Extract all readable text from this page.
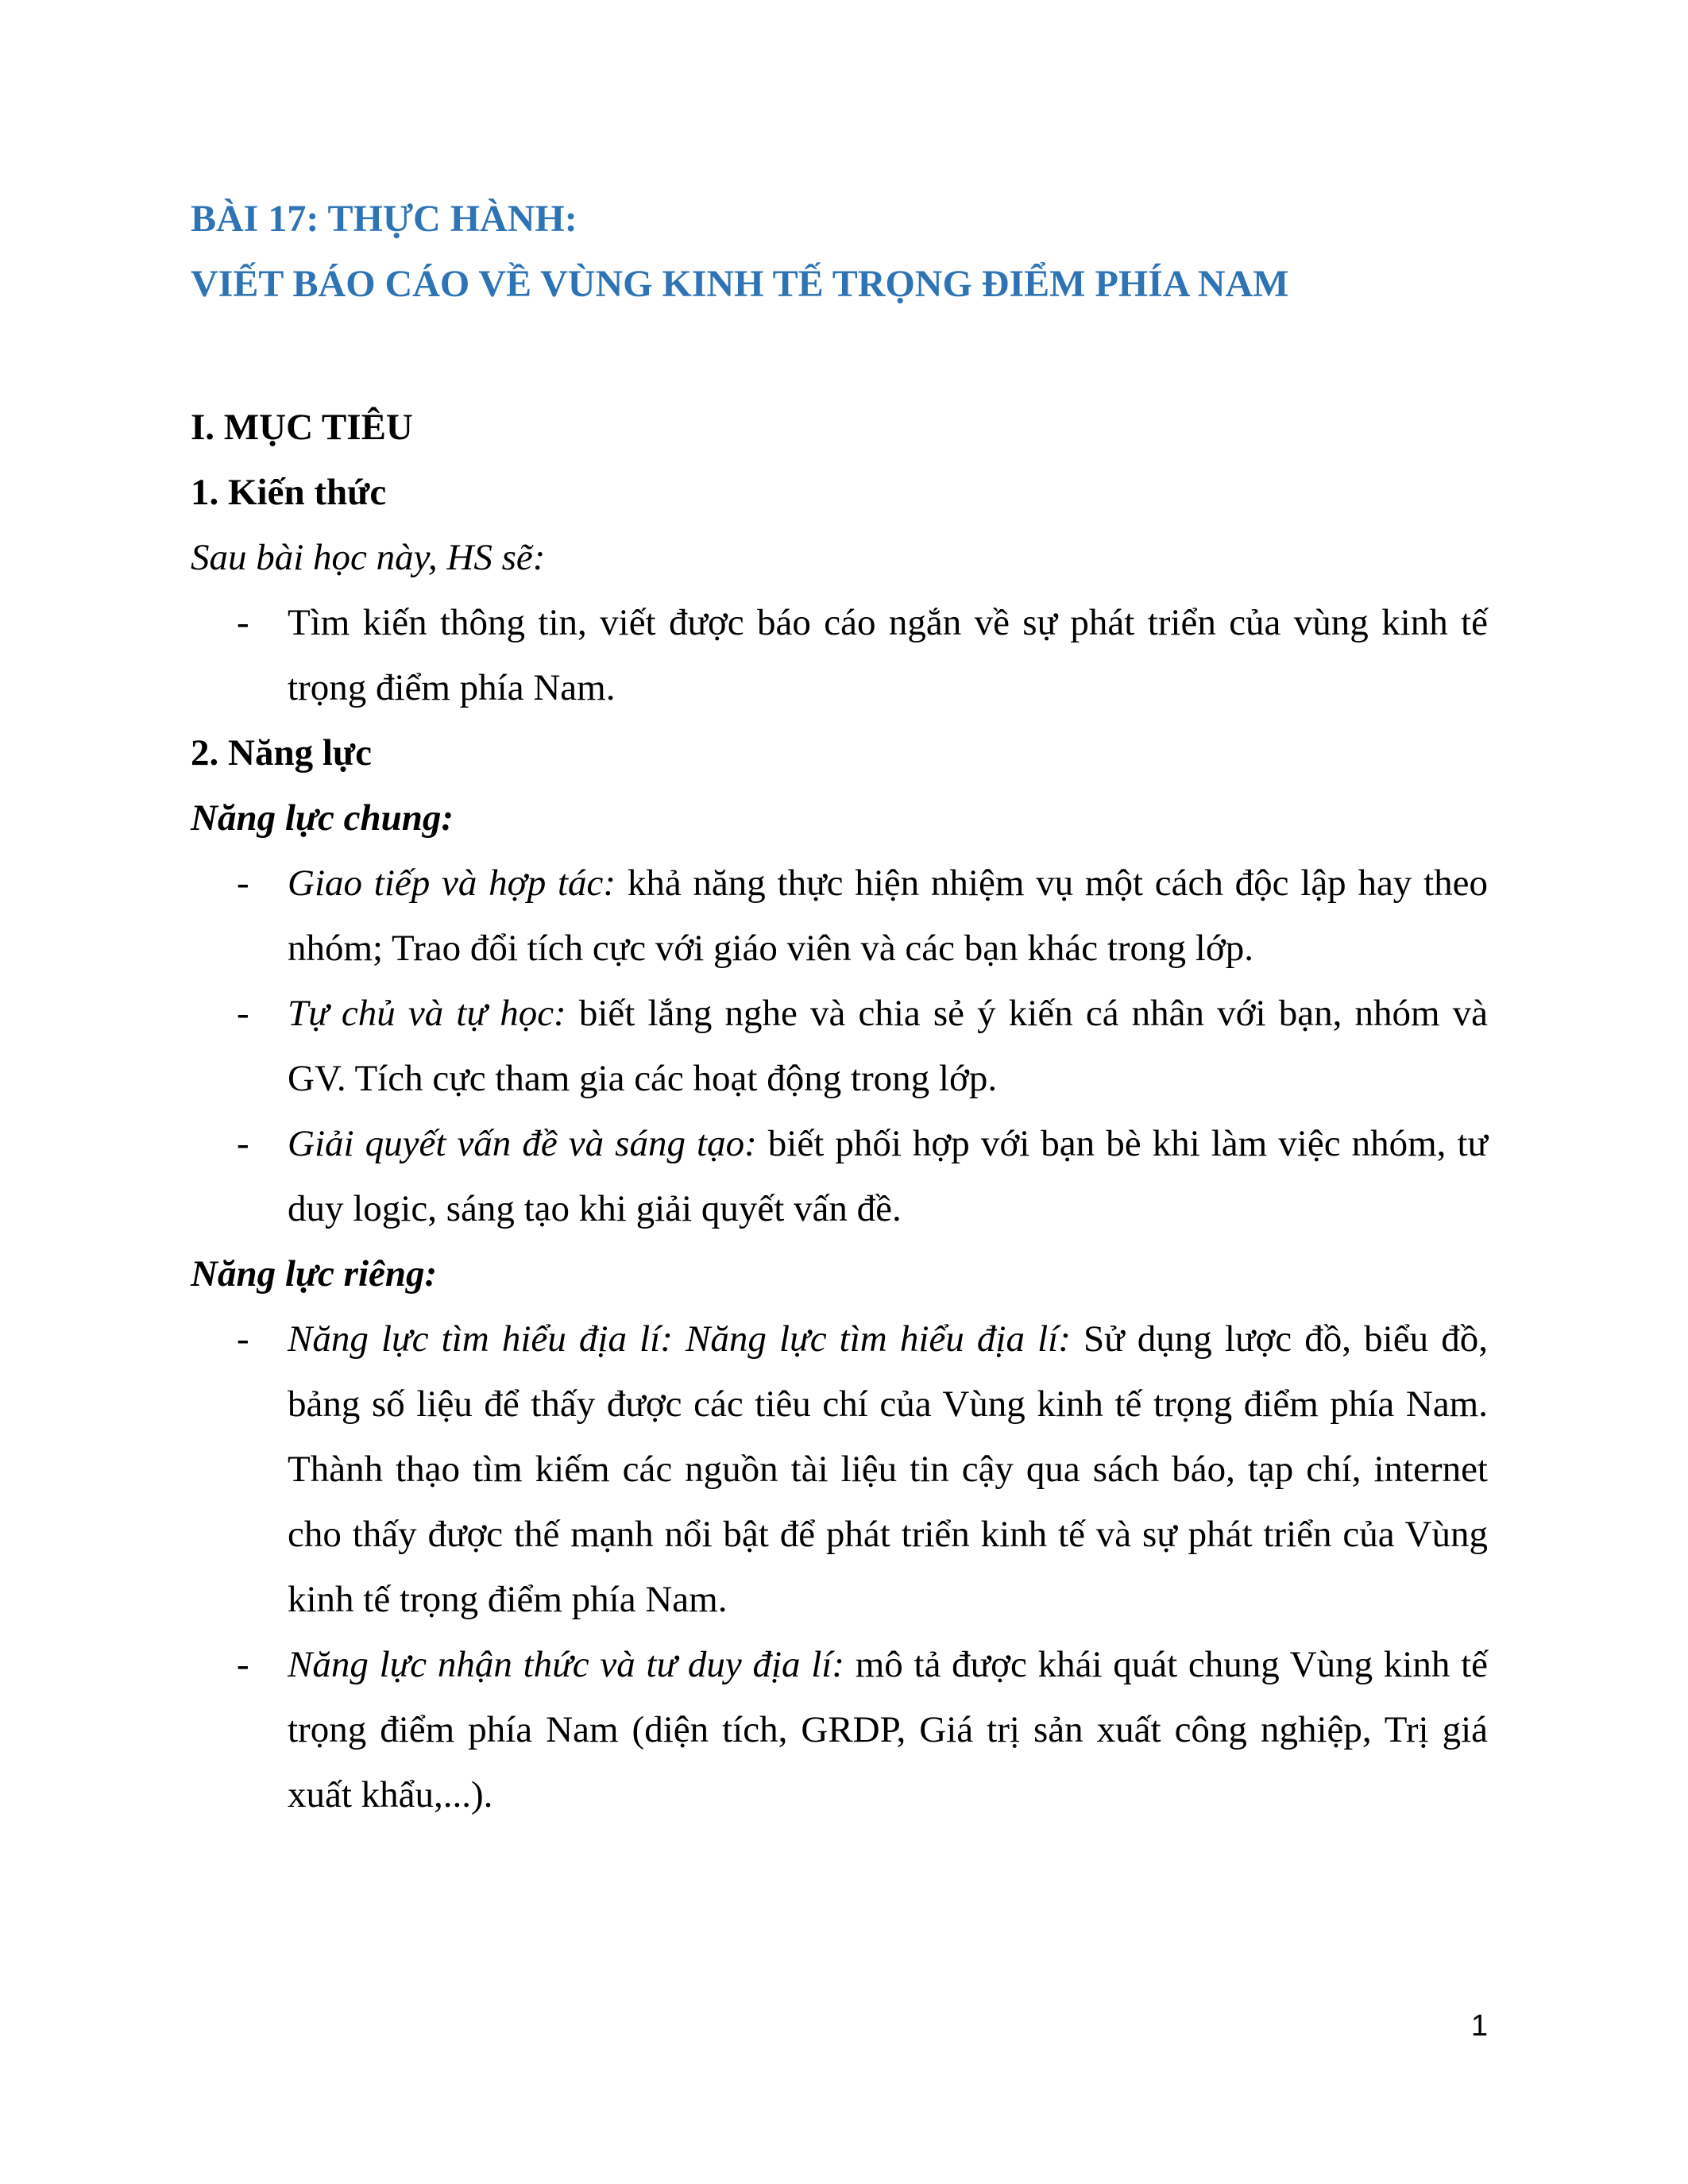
BÀI 17: THỰC HÀNH:
VIẾT BÁO CÁO VỀ VÙNG KINH TẾ TRỌNG ĐIỂM PHÍA NAM
I. MỤC TIÊU
1. Kiến thức
Sau bài học này, HS sẽ:
- Tìm kiến thông tin, viết được báo cáo ngắn về sự phát triển của vùng kinh tế
trọng điểm phía Nam.
2. Năng lực
Năng lực chung:
- Giao tiếp và hợp tác: khả năng thực hiện nhiệm vụ một cách độc lập hay theo
nhóm; Trao đổi tích cực với giáo viên và các bạn khác trong lớp.
- Tự chủ và tự học: biết lắng nghe và chia sẻ ý kiến cá nhân với bạn, nhóm và
GV. Tích cực tham gia các hoạt động trong lớp.
- Giải quyết vấn đề và sáng tạo: biết phối hợp với bạn bè khi làm việc nhóm, tư
duy logic, sáng tạo khi giải quyết vấn đề.
Năng lực riêng:
- Năng lực tìm hiểu địa lí: Năng lực tìm hiểu địa lí: Sử dụng lược đồ, biểu đồ,
bảng số liệu để thấy được các tiêu chí của Vùng kinh tế trọng điểm phía Nam.
Thành thạo tìm kiếm các nguồn tài liệu tin cậy qua sách báo, tạp chí, internet
cho thấy được thế mạnh nổi bật để phát triển kinh tế và sự phát triển của Vùng
kinh tế trọng điểm phía Nam.
- Năng lực nhận thức và tư duy địa lí: mô tả được khái quát chung Vùng kinh tế
trọng điểm phía Nam (diện tích, GRDP, Giá trị sản xuất công nghiệp, Trị giá
xuất khẩu,...).
1
